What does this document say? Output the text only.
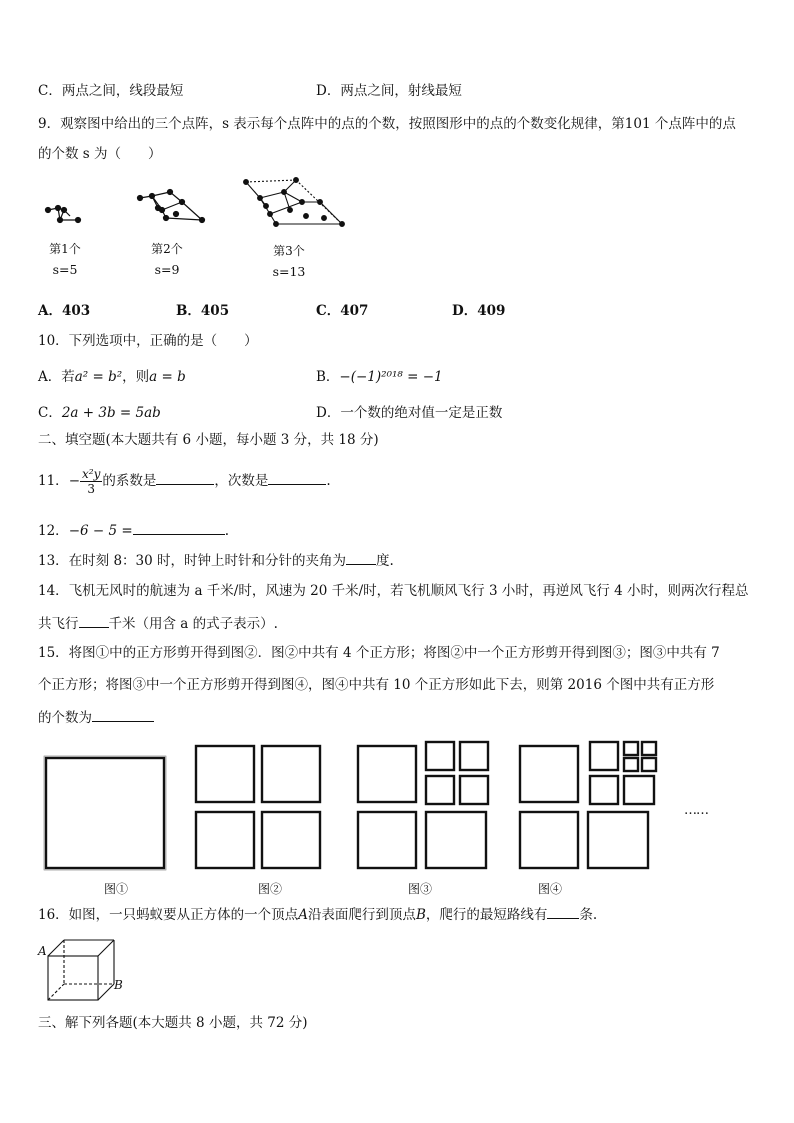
C．两点之间，线段最短	D．两点之间，射线最短
9．观察图中给出的三个点阵，s 表示每个点阵中的点的个数，按照图形中的点的个数变化规律，第101 个点阵中的点
的个数 s 为（　　）
第1个	第2个	第3个
s=5	s=9	s=13
A．403	B．405	C．407	D．409
10．下列选项中，正确的是（　　）
A．若a² = b²，则a = b	B．−(−1)²⁰¹⁸ = −1
C．2a + 3b = 5ab	D．一个数的绝对值一定是正数
二、填空题(本大题共有 6 小题，每小题 3 分，共 18 分)
11．− $\frac{\text{x²y}}{3}$ 的系数是	，次数是	.
12．−6 − 5 =	.
13．在时刻 8：30 时，时钟上时针和分针的夹角为 度.
14．飞机无风时的航速为 a 千米/时，风速为 20 千米/时，若飞机顺风飞行 3 小时，再逆风飞行 4 小时，则两次行程总
共飞行 千米（用含 a 的式子表示）.
15．将图①中的正方形剪开得到图②．图②中共有 4 个正方形；将图②中一个正方形剪开得到图③；图③中共有 7
个正方形；将图③中一个正方形剪开得到图④，图④中共有 10 个正方形如此下去，则第 2016 个图中共有正方形
的个数为
……
图①	图②	图③	图④
16．如图，一只蚂蚁要从正方体的一个顶点A沿表面爬行到顶点B，爬行的最短路线有 条.
A
B
三、解下列各题(本大题共 8 小题，共 72 分)
